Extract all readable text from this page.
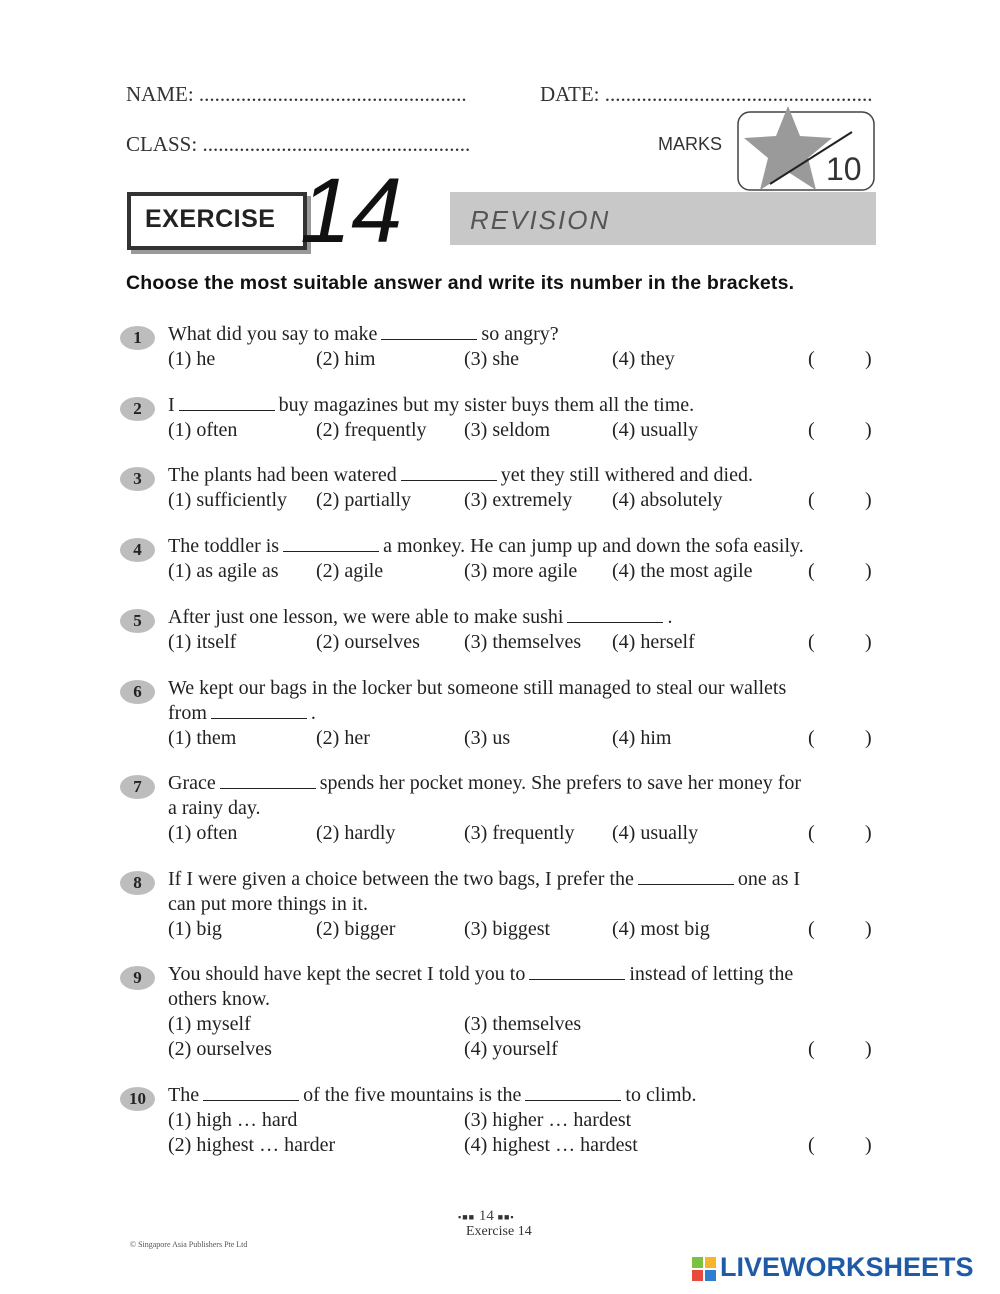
NAME: ...................................................	DATE: ...................................................
CLASS: ...................................................
10
MARKS
EXERCISE 14	REVISION
Choose the most suitable answer and write its number in the brackets.
1	What did you say to make	so angry?
(1) he	(2) him	(3) she	(4) they	(	)
2	I	buy magazines but my sister buys them all the time.
(1) often	(2) frequently (3) seldom	(4) usually	(	)
3	The plants had been watered	yet they still withered and died.
(1) sufficiently (2) partially	(3) extremely (4) absolutely	(	)
4	The toddler is	a monkey. He can jump up and down the sofa easily.
(1) as agile as (2) agile	(3) more agile (4) the most agile	(	)
5	After just one lesson, we were able to make sushi	.
(1) itself	(2) ourselves (3) themselves (4) herself	(	)
6	We kept our bags in the locker but someone still managed to steal our wallets
from	.
(1) them	(2) her	(3) us	(4) him	(	)
7	Grace	spends her pocket money. She prefers to save her money for
a rainy day.
(1) often	(2) hardly	(3) frequently (4) usually	(	)
8	If I were given a choice between the two bags, I prefer the	one as I
can put more things in it.
(1) big	(2) bigger	(3) biggest	(4) most big	(	)
9	You should have kept the secret I told you to	instead of letting the
others know.
(1) myself	(3) themselves
(2) ourselves	(4) yourself	(	)
10	The	of the five mountains is the	to climb.
(1) high … hard	(3) higher … hardest
(2) highest … harder	(4) highest … hardest	(	)
▪■■ 14 ■■▪
Exercise 14
© Singapore Asia Publishers Pte Ltd
LIVEWORKSHEETS
